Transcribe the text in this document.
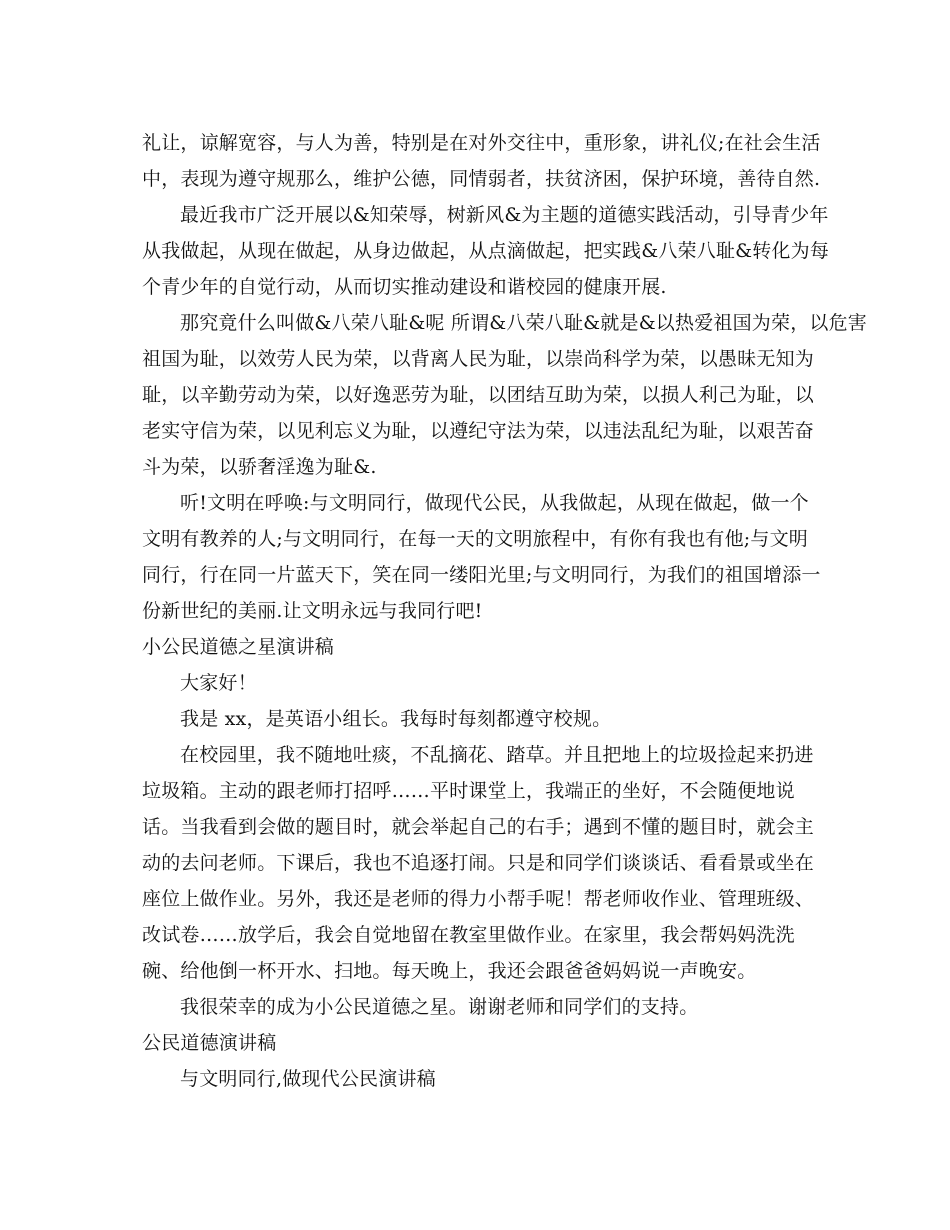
礼让，谅解宽容，与人为善，特别是在对外交往中，重形象，讲礼仪;在社会生活
中，表现为遵守规那么，维护公德，同情弱者，扶贫济困，保护环境，善待自然.
最近我市广泛开展以&知荣辱，树新风&为主题的道德实践活动，引导青少年
从我做起，从现在做起，从身边做起，从点滴做起，把实践&八荣八耻&转化为每
个青少年的自觉行动，从而切实推动建设和谐校园的健康开展.
那究竟什么叫做&八荣八耻&呢 所谓&八荣八耻&就是&以热爱祖国为荣，以危害
祖国为耻，以效劳人民为荣，以背离人民为耻，以崇尚科学为荣，以愚昧无知为
耻，以辛勤劳动为荣，以好逸恶劳为耻，以团结互助为荣，以损人利己为耻，以
老实守信为荣，以见利忘义为耻，以遵纪守法为荣，以违法乱纪为耻，以艰苦奋
斗为荣，以骄奢淫逸为耻&.
听!文明在呼唤:与文明同行，做现代公民，从我做起，从现在做起，做一个
文明有教养的人;与文明同行，在每一天的文明旅程中，有你有我也有他;与文明
同行，行在同一片蓝天下，笑在同一缕阳光里;与文明同行，为我们的祖国增添一
份新世纪的美丽.让文明永远与我同行吧!
小公民道德之星演讲稿
大家好！
我是 xx，是英语小组长。我每时每刻都遵守校规。
在校园里，我不随地吐痰，不乱摘花、踏草。并且把地上的垃圾捡起来扔进
垃圾箱。主动的跟老师打招呼……平时课堂上，我端正的坐好，不会随便地说
话。当我看到会做的题目时，就会举起自己的右手；遇到不懂的题目时，就会主
动的去问老师。下课后，我也不追逐打闹。只是和同学们谈谈话、看看景或坐在
座位上做作业。另外，我还是老师的得力小帮手呢！帮老师收作业、管理班级、
改试卷……放学后，我会自觉地留在教室里做作业。在家里，我会帮妈妈洗洗
碗、给他倒一杯开水、扫地。每天晚上，我还会跟爸爸妈妈说一声晚安。
我很荣幸的成为小公民道德之星。谢谢老师和同学们的支持。
公民道德演讲稿
与文明同行,做现代公民演讲稿
